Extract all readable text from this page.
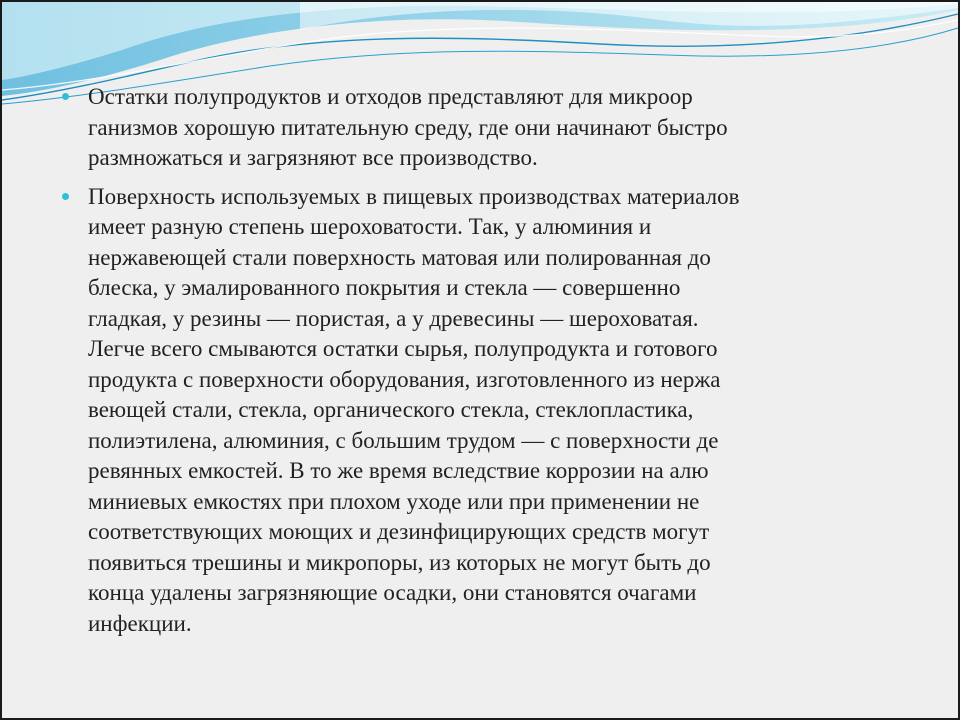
Остатки полупродуктов и отходов представляют для микроор
ганизмов хорошую питательную среду, где они начинают быстро
размножаться и загрязняют все производство.
Поверхность используемых в пищевых производствах материалов
имеет разную степень шероховатости. Так, у алюминия и
нержавеющей стали поверхность матовая или полированная до
блеска, у эмалированного покрытия и стекла — совершенно
гладкая, у резины — пористая, а у древесины — шероховатая.
Легче всего смываются остатки сырья, полупродукта и готового
продукта с поверхности оборудования, изготовленного из нержа
веющей стали, стекла, органического стекла, стеклопластика,
полиэтилена, алюминия, с большим трудом — с поверхности де
ревянных емкостей. В то же время вследствие коррозии на алю
миниевых емкостях при плохом уходе или при применении не
соответствующих моющих и дезинфицирующих средств могут
появиться трешины и микропоры, из которых не могут быть до
конца удалены загрязняющие осадки, они становятся очагами
инфекции.
